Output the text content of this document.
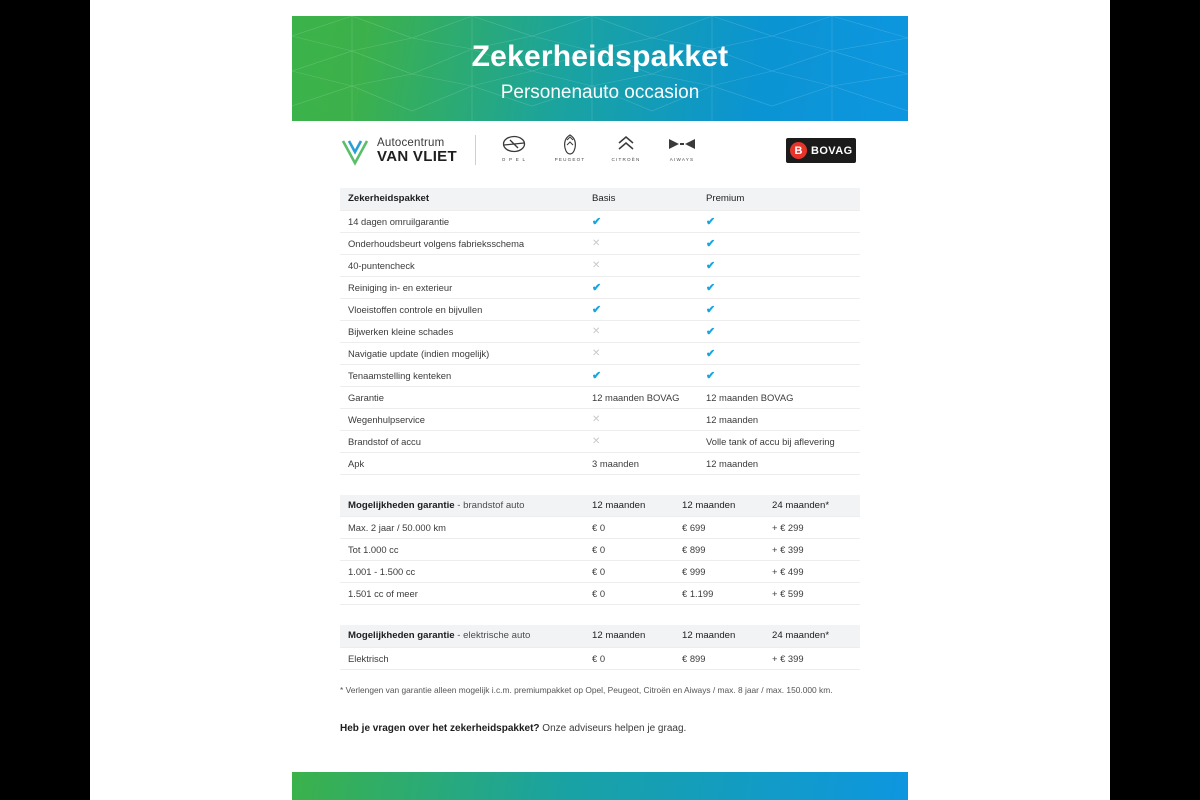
Zekerheidspakket
Personenauto occasion
Autocentrum
VAN VLIET	O P E L	PEUGEOT	CITROËN	AIWAYS
B BOVAG
Zekerheidspakket	Basis	Premium
14 dagen omruilgarantie	✔	✔
Onderhoudsbeurt volgens fabrieksschema	✕	✔
40-puntencheck	✕	✔
Reiniging in- en exterieur	✔	✔
Vloeistoffen controle en bijvullen	✔	✔
Bijwerken kleine schades	✕	✔
Navigatie update (indien mogelijk)	✕	✔
Tenaamstelling kenteken	✔	✔
Garantie	12 maanden BOVAG	12 maanden BOVAG
Wegenhulpservice	✕	12 maanden
Brandstof of accu	✕	Volle tank of accu bij aflevering
Apk	3 maanden	12 maanden
Mogelijkheden garantie - brandstof auto	12 maanden	12 maanden	24 maanden*
Max. 2 jaar / 50.000 km	€ 0	€ 699	+ € 299
Tot 1.000 cc	€ 0	€ 899	+ € 399
1.001 - 1.500 cc	€ 0	€ 999	+ € 499
1.501 cc of meer	€ 0	€ 1.199	+ € 599
Mogelijkheden garantie - elektrische auto	12 maanden	12 maanden	24 maanden*
Elektrisch	€ 0	€ 899	+ € 399
* Verlengen van garantie alleen mogelijk i.c.m. premiumpakket op Opel, Peugeot, Citroën en Aiways / max. 8 jaar / max. 150.000 km.
Heb je vragen over het zekerheidspakket? Onze adviseurs helpen je graag.
